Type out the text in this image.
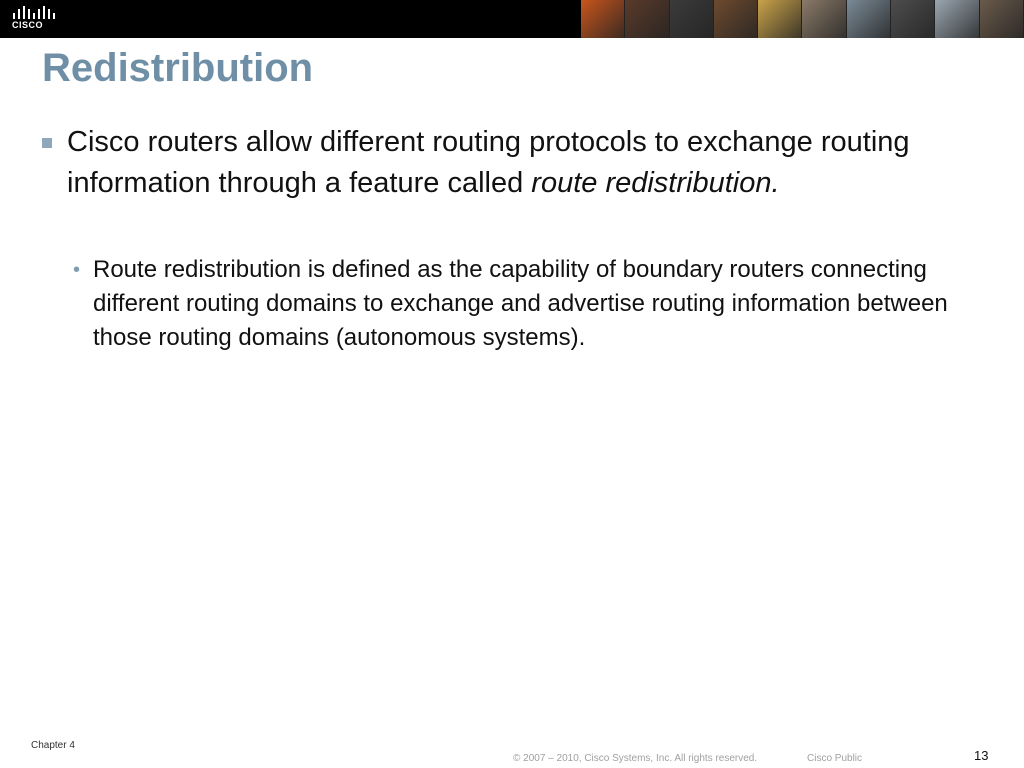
CISCO
Redistribution
Cisco routers allow different routing protocols to exchange routing information through a feature called route redistribution.
• Route redistribution is defined as the capability of boundary routers connecting different routing domains to exchange and advertise routing information between those routing domains (autonomous systems).
Chapter 4
© 2007 – 2010, Cisco Systems, Inc. All rights reserved.	Cisco Public	13
